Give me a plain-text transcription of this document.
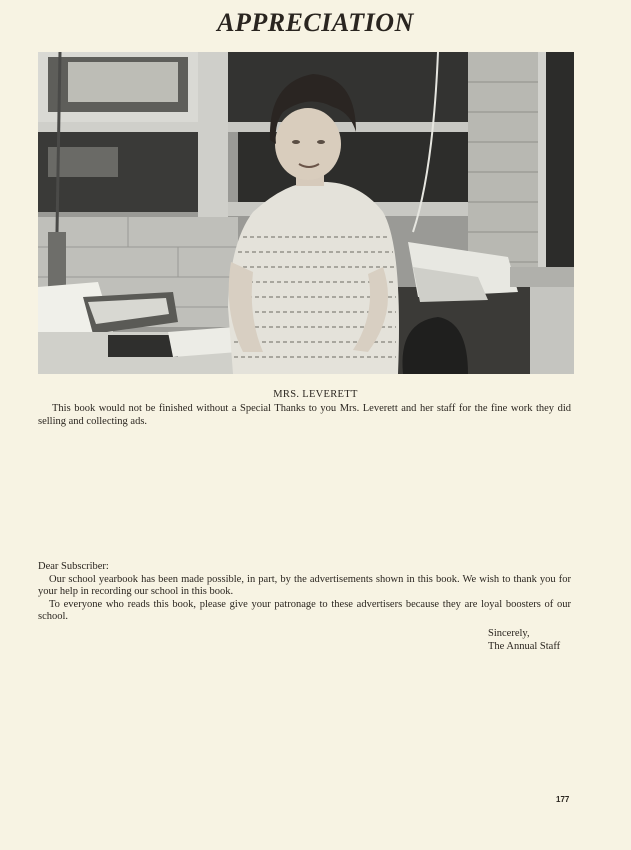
APPRECIATION
MRS. LEVERETT

This book would not be finished without a Special Thanks to you Mrs. Leverett and her staff for the fine work they did selling and collecting ads.

Dear Subscriber:

Our school yearbook has been made possible, in part, by the advertisements shown in this book. We wish to thank you for your help in recording our school in this book.

To everyone who reads this book, please give your patronage to these advertisers because they are loyal boosters of our school.

Sincerely,
The Annual Staff
177
